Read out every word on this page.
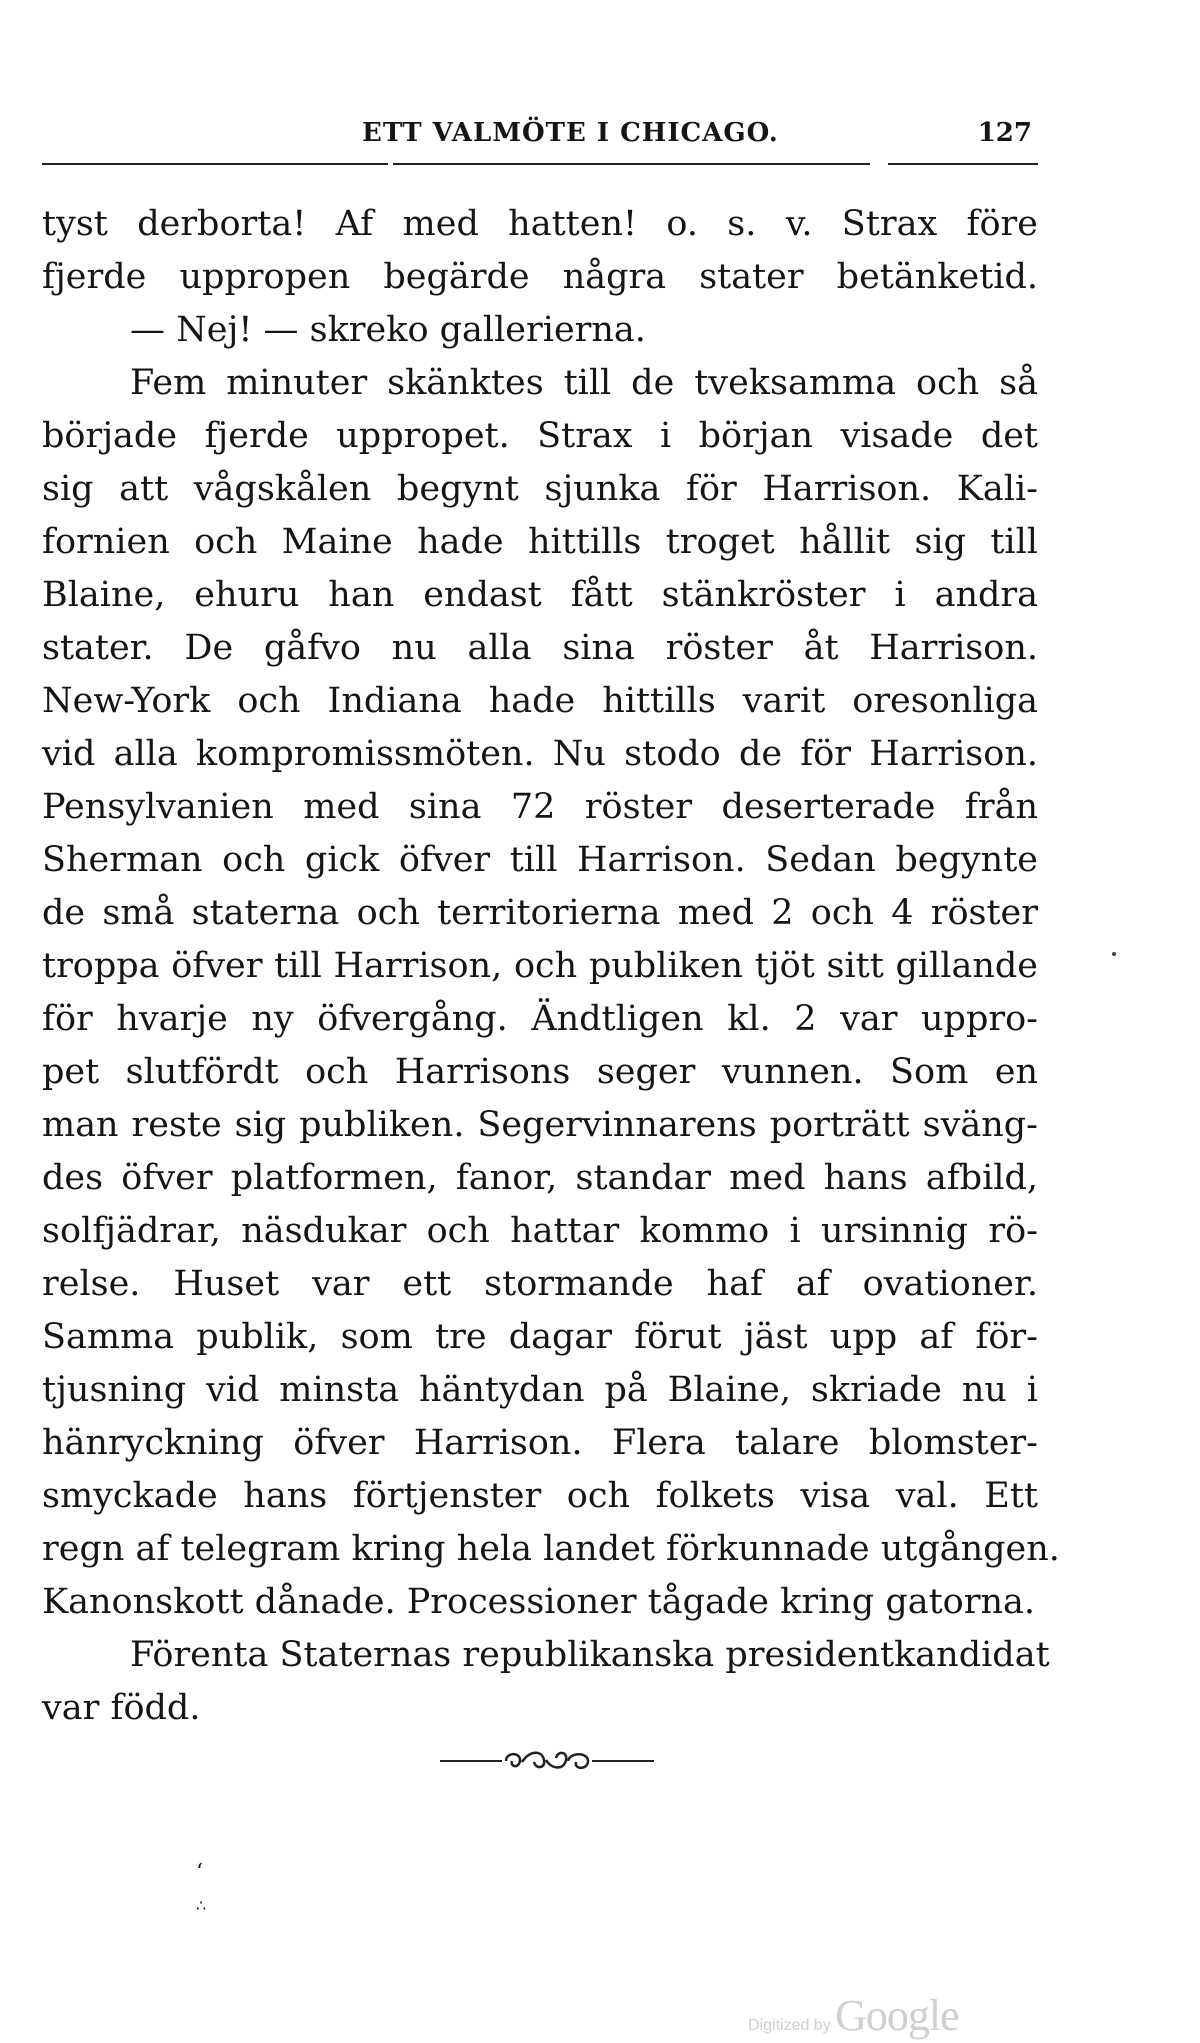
ETT VALMÖTE I CHICAGO.	127
tyst derborta! Af med hatten! o. s. v. Strax före
fjerde uppropen begärde några stater betänketid.
— Nej! — skreko gallerierna.
Fem minuter skänktes till de tveksamma och så
började fjerde uppropet. Strax i början visade det
sig att vågskålen begynt sjunka för Harrison. Kali-
fornien och Maine hade hittills troget hållit sig till
Blaine, ehuru han endast fått stänkröster i andra
stater. De gåfvo nu alla sina röster åt Harrison.
New-York och Indiana hade hittills varit oresonliga
vid alla kompromissmöten. Nu stodo de för Harrison.
Pensylvanien med sina 72 röster deserterade från
Sherman och gick öfver till Harrison. Sedan begynte
de små staterna och territorierna med 2 och 4 röster
troppa öfver till Harrison, och publiken tjöt sitt gillande
för hvarje ny öfvergång. Ändtligen kl. 2 var uppro-
pet slutfördt och Harrisons seger vunnen. Som en
man reste sig publiken. Segervinnarens porträtt sväng-
des öfver platformen, fanor, standar med hans afbild,
solfjädrar, näsdukar och hattar kommo i ursinnig rö-
relse. Huset var ett stormande haf af ovationer.
Samma publik, som tre dagar förut jäst upp af för-
tjusning vid minsta häntydan på Blaine, skriade nu i
hänryckning öfver Harrison. Flera talare blomster-
smyckade hans förtjenster och folkets visa val. Ett
regn af telegram kring hela landet förkunnade utgången.
Kanonskott dånade. Processioner tågade kring gatorna.
Förenta Staternas republikanska presidentkandidat
var född.
ʻ
∴
Digitized by Google
